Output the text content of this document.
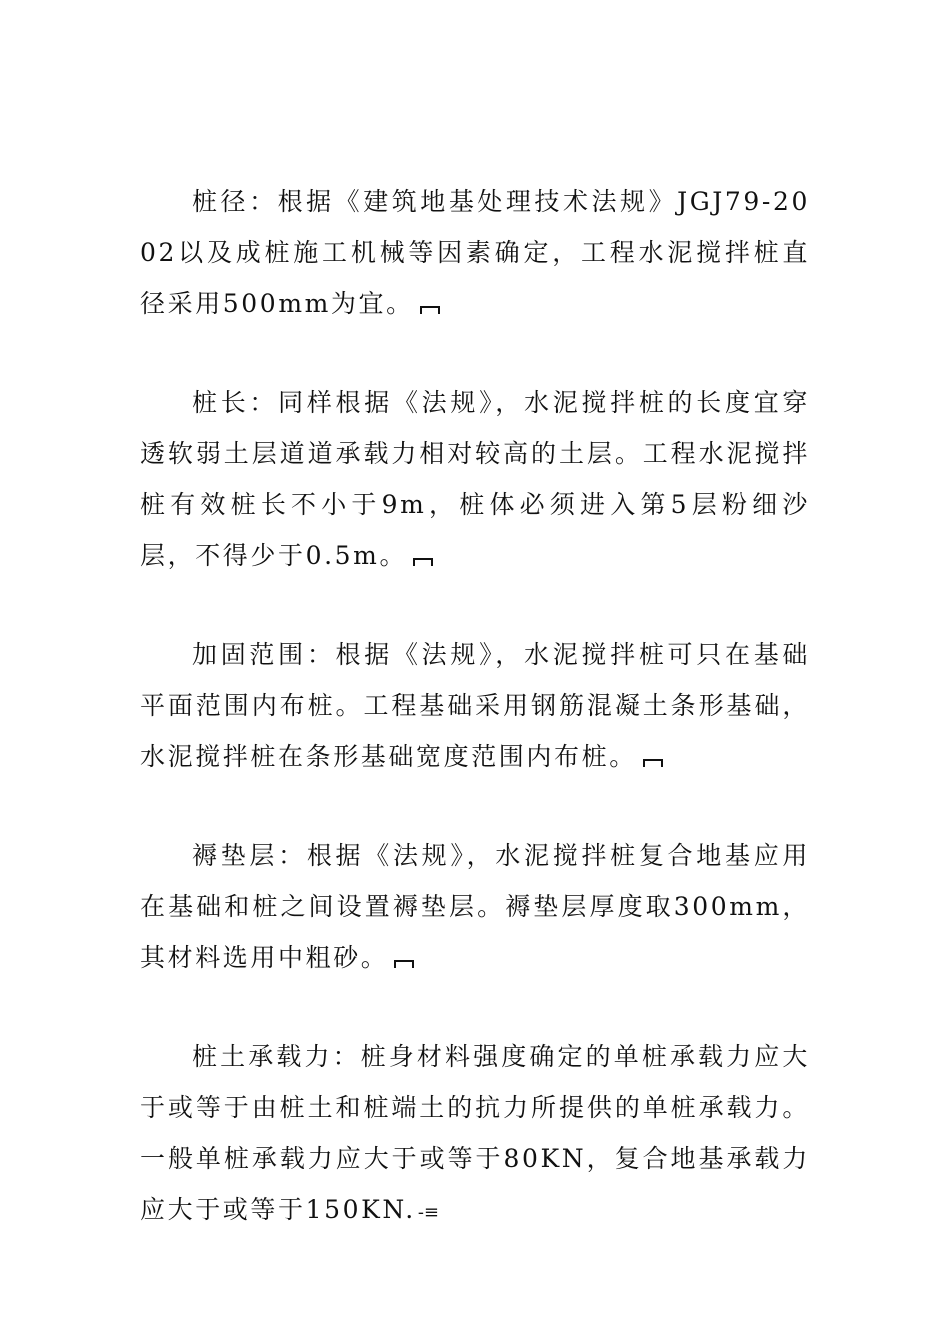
桩径：根据《建筑地基处理技术法规》JGJ79-2002以及成桩施工机械等因素确定，工程水泥搅拌桩直径采用500mm为宜。

桩长：同样根据《法规》，水泥搅拌桩的长度宜穿透软弱土层道道承载力相对较高的土层。工程水泥搅拌桩有效桩长不小于9m，桩体必须进入第5层粉细沙层，不得少于0.5m。

加固范围：根据《法规》，水泥搅拌桩可只在基础平面范围内布桩。工程基础采用钢筋混凝土条形基础，水泥搅拌桩在条形基础宽度范围内布桩。

褥垫层：根据《法规》，水泥搅拌桩复合地基应用在基础和桩之间设置褥垫层。褥垫层厚度取300mm，其材料选用中粗砂。

桩土承载力：桩身材料强度确定的单桩承载力应大于或等于由桩土和桩端土的抗力所提供的单桩承载力。一般单桩承载力应大于或等于80KN，复合地基承载力应大于或等于150KN. -≡
